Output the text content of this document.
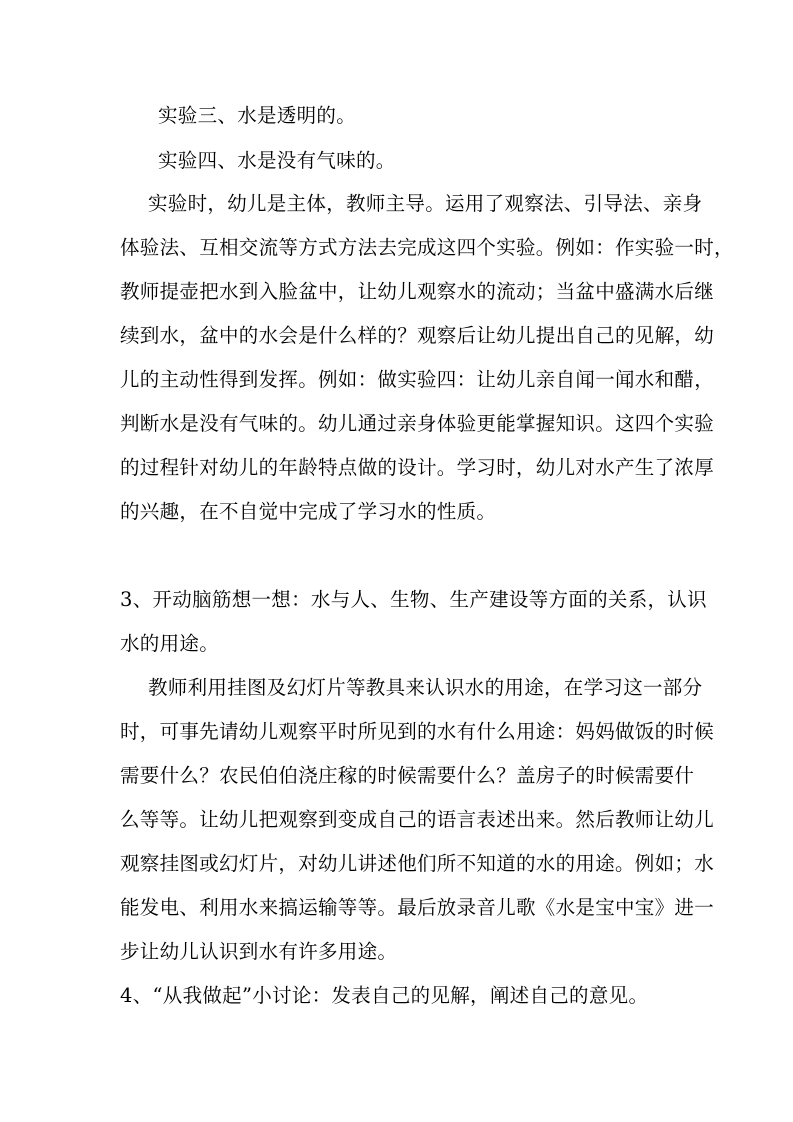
实验三、水是透明的。

实验四、水是没有气味的。

实验时，幼儿是主体，教师主导。运用了观察法、引导法、亲身

体验法、互相交流等方式方法去完成这四个实验。例如：作实验一时，

教师提壶把水到入脸盆中，让幼儿观察水的流动；当盆中盛满水后继

续到水，盆中的水会是什么样的？观察后让幼儿提出自己的见解，幼

儿的主动性得到发挥。例如：做实验四：让幼儿亲自闻一闻水和醋，

判断水是没有气味的。幼儿通过亲身体验更能掌握知识。这四个实验

的过程针对幼儿的年龄特点做的设计。学习时，幼儿对水产生了浓厚

的兴趣，在不自觉中完成了学习水的性质。

3、开动脑筋想一想：水与人、生物、生产建设等方面的关系，认识

水的用途。

教师利用挂图及幻灯片等教具来认识水的用途，在学习这一部分

时，可事先请幼儿观察平时所见到的水有什么用途：妈妈做饭的时候

需要什么？农民伯伯浇庄稼的时候需要什么？盖房子的时候需要什

么等等。让幼儿把观察到变成自己的语言表述出来。然后教师让幼儿

观察挂图或幻灯片，对幼儿讲述他们所不知道的水的用途。例如；水

能发电、利用水来搞运输等等。最后放录音儿歌《水是宝中宝》进一

步让幼儿认识到水有许多用途。

4、“从我做起”小讨论：发表自己的见解，阐述自己的意见。
